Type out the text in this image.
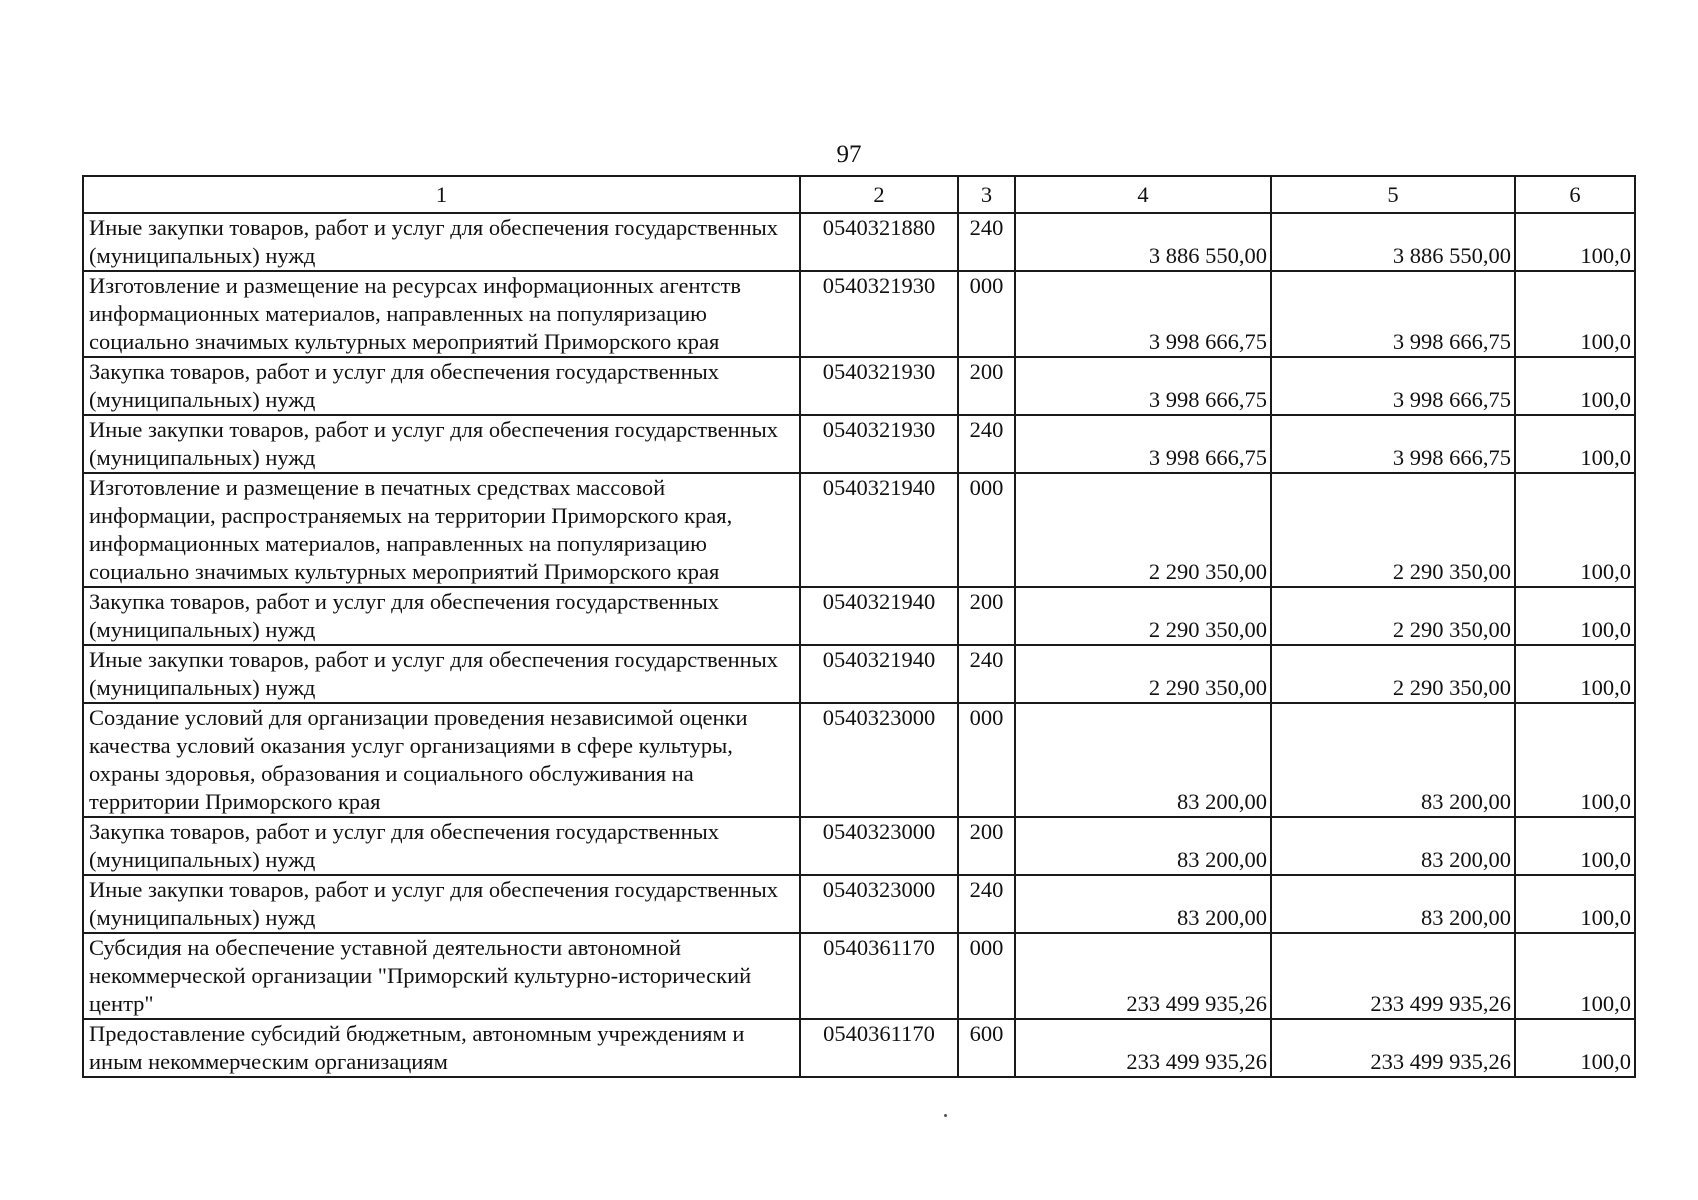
97
1	2	3	4	5	6
Иные закупки товаров, работ и услуг для обеспечения государственных (муниципальных) нужд	0540321880	240	3 886 550,00	3 886 550,00	100,0
Изготовление и размещение на ресурсах информационных агентств информационных материалов, направленных на популяризацию социально значимых культурных мероприятий Приморского края	0540321930	000	3 998 666,75	3 998 666,75	100,0
Закупка товаров, работ и услуг для обеспечения государственных (муниципальных) нужд	0540321930	200	3 998 666,75	3 998 666,75	100,0
Иные закупки товаров, работ и услуг для обеспечения государственных (муниципальных) нужд	0540321930	240	3 998 666,75	3 998 666,75	100,0
Изготовление и размещение в печатных средствах массовой информации, распространяемых на территории Приморского края, информационных материалов, направленных на популяризацию социально значимых культурных мероприятий Приморского края	0540321940	000	2 290 350,00	2 290 350,00	100,0
Закупка товаров, работ и услуг для обеспечения государственных (муниципальных) нужд	0540321940	200	2 290 350,00	2 290 350,00	100,0
Иные закупки товаров, работ и услуг для обеспечения государственных (муниципальных) нужд	0540321940	240	2 290 350,00	2 290 350,00	100,0
Создание условий для организации проведения независимой оценки качества условий оказания услуг организациями в сфере культуры, охраны здоровья, образования и социального обслуживания на территории Приморского края	0540323000	000	83 200,00	83 200,00	100,0
Закупка товаров, работ и услуг для обеспечения государственных (муниципальных) нужд	0540323000	200	83 200,00	83 200,00	100,0
Иные закупки товаров, работ и услуг для обеспечения государственных (муниципальных) нужд	0540323000	240	83 200,00	83 200,00	100,0
Субсидия на обеспечение уставной деятельности автономной некоммерческой организации "Приморский культурно-исторический центр"	0540361170	000	233 499 935,26	233 499 935,26	100,0
Предоставление субсидий бюджетным, автономным учреждениям и иным некоммерческим организациям	0540361170	600	233 499 935,26	233 499 935,26	100,0
